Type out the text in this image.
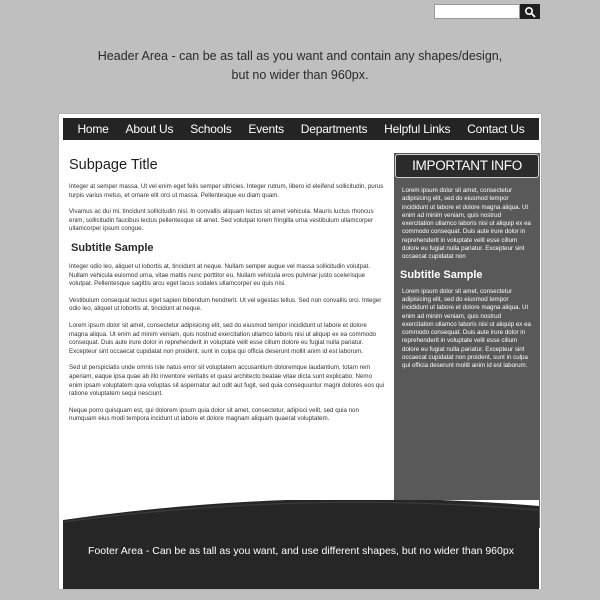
Header Area - can be as tall as you want and contain any shapes/design,
but no wider than 960px.
Home About Us Schools Events Departments Helpful Links Contact Us
Subpage Title

Integer at semper massa. Ut vel enim eget felis semper ultricies. Integer rutrum, libero id eleifend sollicitudin, purus turpis varius metus, et ornare elit orci ut massa. Pellentesque eu diam quam.

Vivamus ac dui mi, tincidunt sollicitudin nisi. In convallis aliquam lectus sit amet vehicula. Mauris luctus rhoncus enim, sollicitudin faucibus lectus pellentesque sit amet. Sed volutpat lorem fringilla urna vestibulum ullamcorper ullamcorper ipsum congue.

Subtitle Sample

Integer odio leo, aliquet ut lobortis at, tincidunt at neque. Nullam semper augue vel massa sollicitudin volutpat. Nullam vehicula euismod urna, vitae mattis nunc porttitor eu. Nullam vehicula eros pulvinar justo scelerisque volutpat. Pellentesque sagittis arcu eget lacus sodales ullamcorper eu quis nisi.

Vestibulum consequat lectus eget sapien bibendum hendrerit. Ut vel egestas tellus. Sed non convallis orci. Integer odio leo, aliquet ut lobortis at, tincidunt at neque.

Lorem ipsum dolor sit amet, consectetur adipisicing elit, sed do eiusmod tempor incididunt ut labore et dolore magna aliqua. Ut enim ad minim veniam, quis nostrud exercitation ullamco laboris nisi ut aliquip ex ea commodo consequat. Duis aute irure dolor in reprehenderit in voluptate velit esse cillum dolore eu fugiat nulla pariatur. Excepteur sint occaecat cupidatat non proident, sunt in culpa qui officia deserunt mollit anim id est laborum.

Sed ut perspiciatis unde omnis iste natus error sit voluptatem accusantium doloremque laudantium, totam rem aperiam, eaque ipsa quae ab illo inventore veritatis et quasi architecto beatae vitae dicta sunt explicabo. Nemo enim ipsam voluptatem quia voluptas sit aspernatur aut odit aut fugit, sed quia consequuntur magni dolores eos qui ratione voluptatem sequi nesciunt.

Neque porro quisquam est, qui dolorem ipsum quia dolor sit amet, consectetur, adipisci velit, sed quia non numquam eius modi tempora incidunt ut labore et dolore magnam aliquam quaerat voluptatem.

IMPORTANT INFO

Lorem ipsum dolor sit amet, consectetur adipisicing elit, sed do eiusmod tempor incididunt ut labore et dolore magna aliqua. Ut enim ad minim veniam, quis nostrud exercitation ullamco laboris nisi ut aliquip ex ea commodo consequat. Duis aute irure dolor in reprehenderit in voluptate velit esse cillum dolore eu fugiat nulla pariatur. Excepteur sint occaecat cupidatat non

Subtitle Sample

Lorem ipsum dolor sit amet, consectetur adipisicing elit, sed do eiusmod tempor incididunt ut labore et dolore magna aliqua. Ut enim ad minim veniam, quis nostrud exercitation ullamco laboris nisi ut aliquip ex ea commodo consequat. Duis aute irure dolor in reprehenderit in voluptate velit esse cillum dolore eu fugiat nulla pariatur. Excepteur sint occaecat cupidatat non proident, sunt in culpa qui officia deserunt mollit anim id est laborum.

Footer Area - Can be as tall as you want, and use different shapes, but no wider than 960px
